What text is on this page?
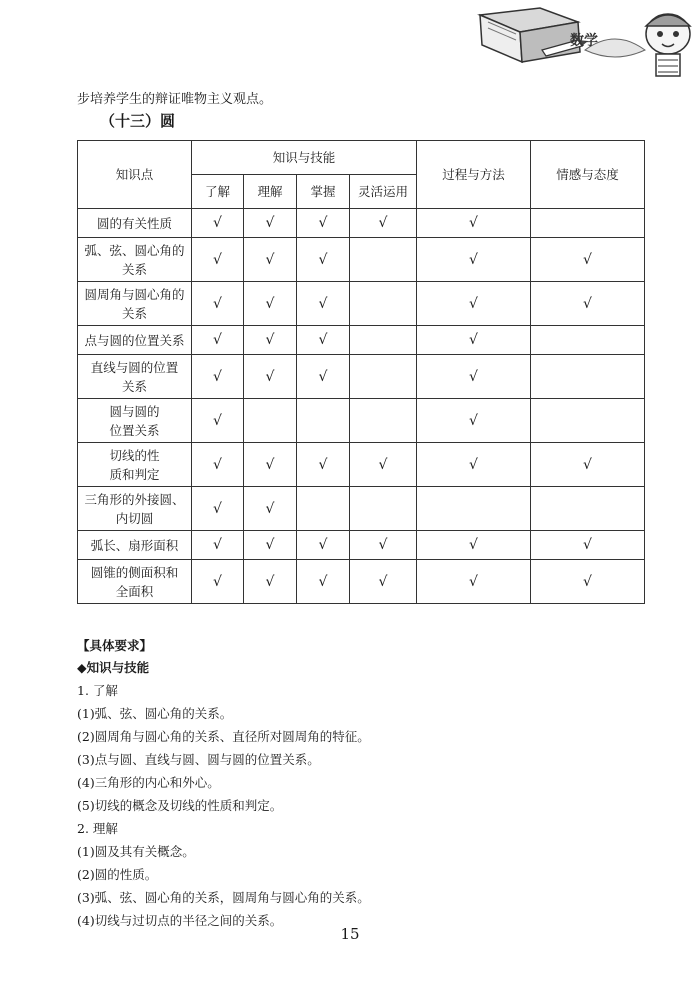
数学
步培养学生的辩证唯物主义观点。
（十三）圆
知识点	知识与技能				过程与方法	情感与态度
	了解	理解	掌握	灵活运用		

圆的有关性质	√	√	√	√	√	

弧、弦、圆心角的
关系	√	√	√		√	√

圆周角与圆心角的
关系	√	√	√		√	√

点与圆的位置关系	√	√	√		√	

直线与圆的位置
关系	√	√	√		√	

圆与圆的
位置关系	√				√	

切线的性
质和判定	√	√	√	√	√	√

三角形的外接圆、
内切圆	√	√				

弧长、扇形面积	√	√	√	√	√	√

圆锥的侧面积和
全面积	√	√	√	√	√	√
【具体要求】
◆知识与技能
1. 了解
(1)弧、弦、圆心角的关系。
(2)圆周角与圆心角的关系、直径所对圆周角的特征。
(3)点与圆、直线与圆、圆与圆的位置关系。
(4)三角形的内心和外心。
(5)切线的概念及切线的性质和判定。
2. 理解
(1)圆及其有关概念。
(2)圆的性质。
(3)弧、弦、圆心角的关系，圆周角与圆心角的关系。
(4)切线与过切点的半径之间的关系。
15
